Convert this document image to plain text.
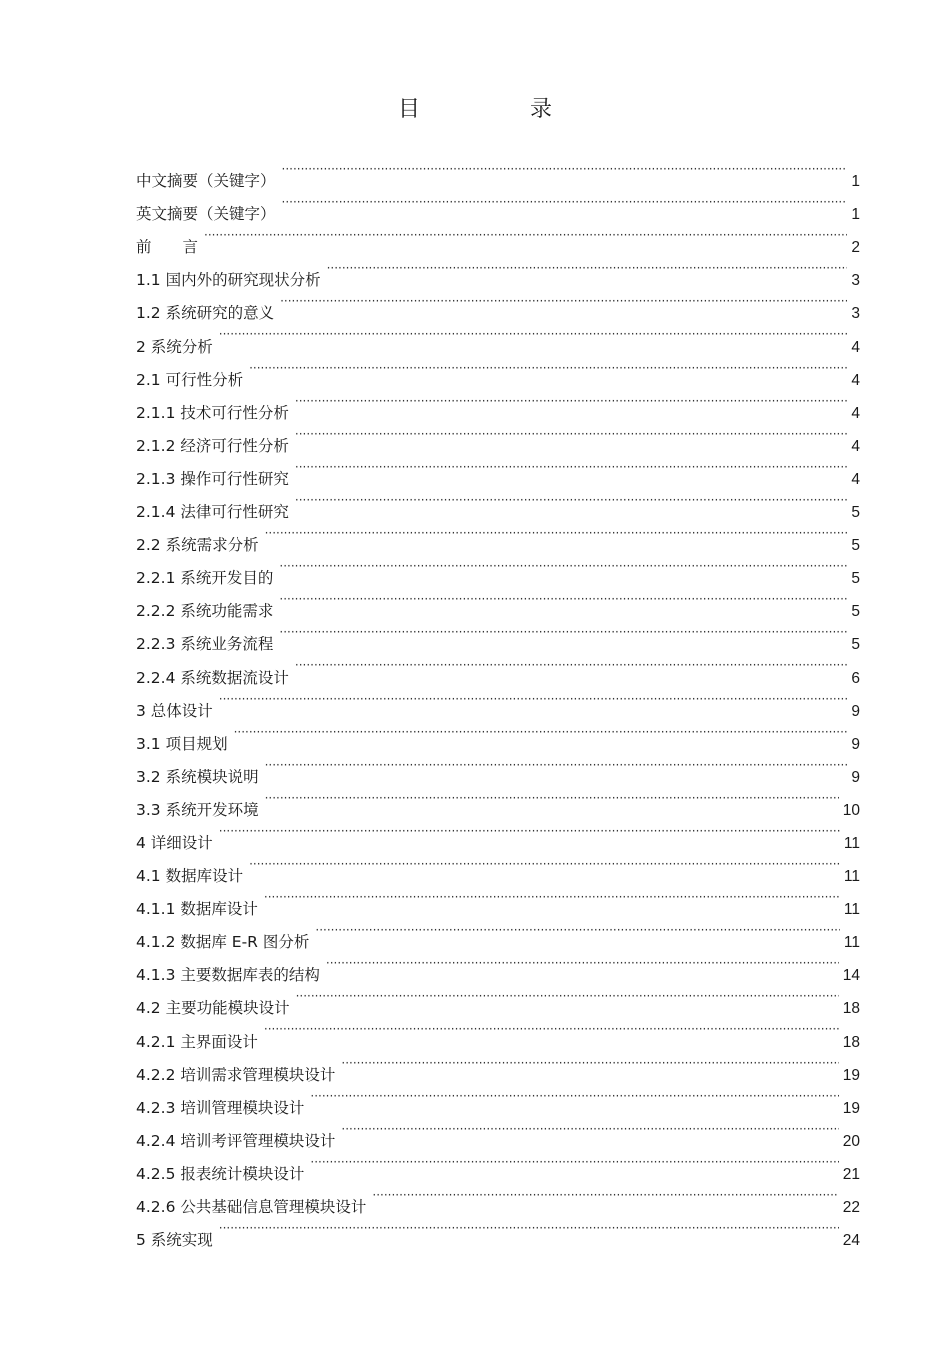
目　录
中文摘要（关键字） ·····	1
英文摘要（关键字） ·····	1
前　　言 ·····	2
1.1 国内外的研究现状分析 ·····	3
1.2 系统研究的意义 ·····	3
2 系统分析 ·····	4
2.1 可行性分析 ·····	4
2.1.1 技术可行性分析 ·····	4
2.1.2 经济可行性分析 ·····	4
2.1.3 操作可行性研究 ·····	4
2.1.4 法律可行性研究 ·····	5
2.2 系统需求分析 ·····	5
2.2.1 系统开发目的 ·····	5
2.2.2 系统功能需求 ·····	5
2.2.3 系统业务流程 ·····	5
2.2.4 系统数据流设计 ·····	6
3 总体设计 ·····	9
3.1 项目规划 ·····	9
3.2 系统模块说明 ·····	9
3.3 系统开发环境 ·····	10
4 详细设计 ·····	11
4.1 数据库设计 ·····	11
4.1.1 数据库设计 ·····	11
4.1.2 数据库 E-R 图分析 ·····	11
4.1.3 主要数据库表的结构 ·····	14
4.2 主要功能模块设计 ·····	18
4.2.1 主界面设计 ·····	18
4.2.2 培训需求管理模块设计 ·····	19
4.2.3 培训管理模块设计 ·····	19
4.2.4 培训考评管理模块设计 ·····	20
4.2.5 报表统计模块设计 ·····	21
4.2.6 公共基础信息管理模块设计 ·····	22
5 系统实现 ·····	24
